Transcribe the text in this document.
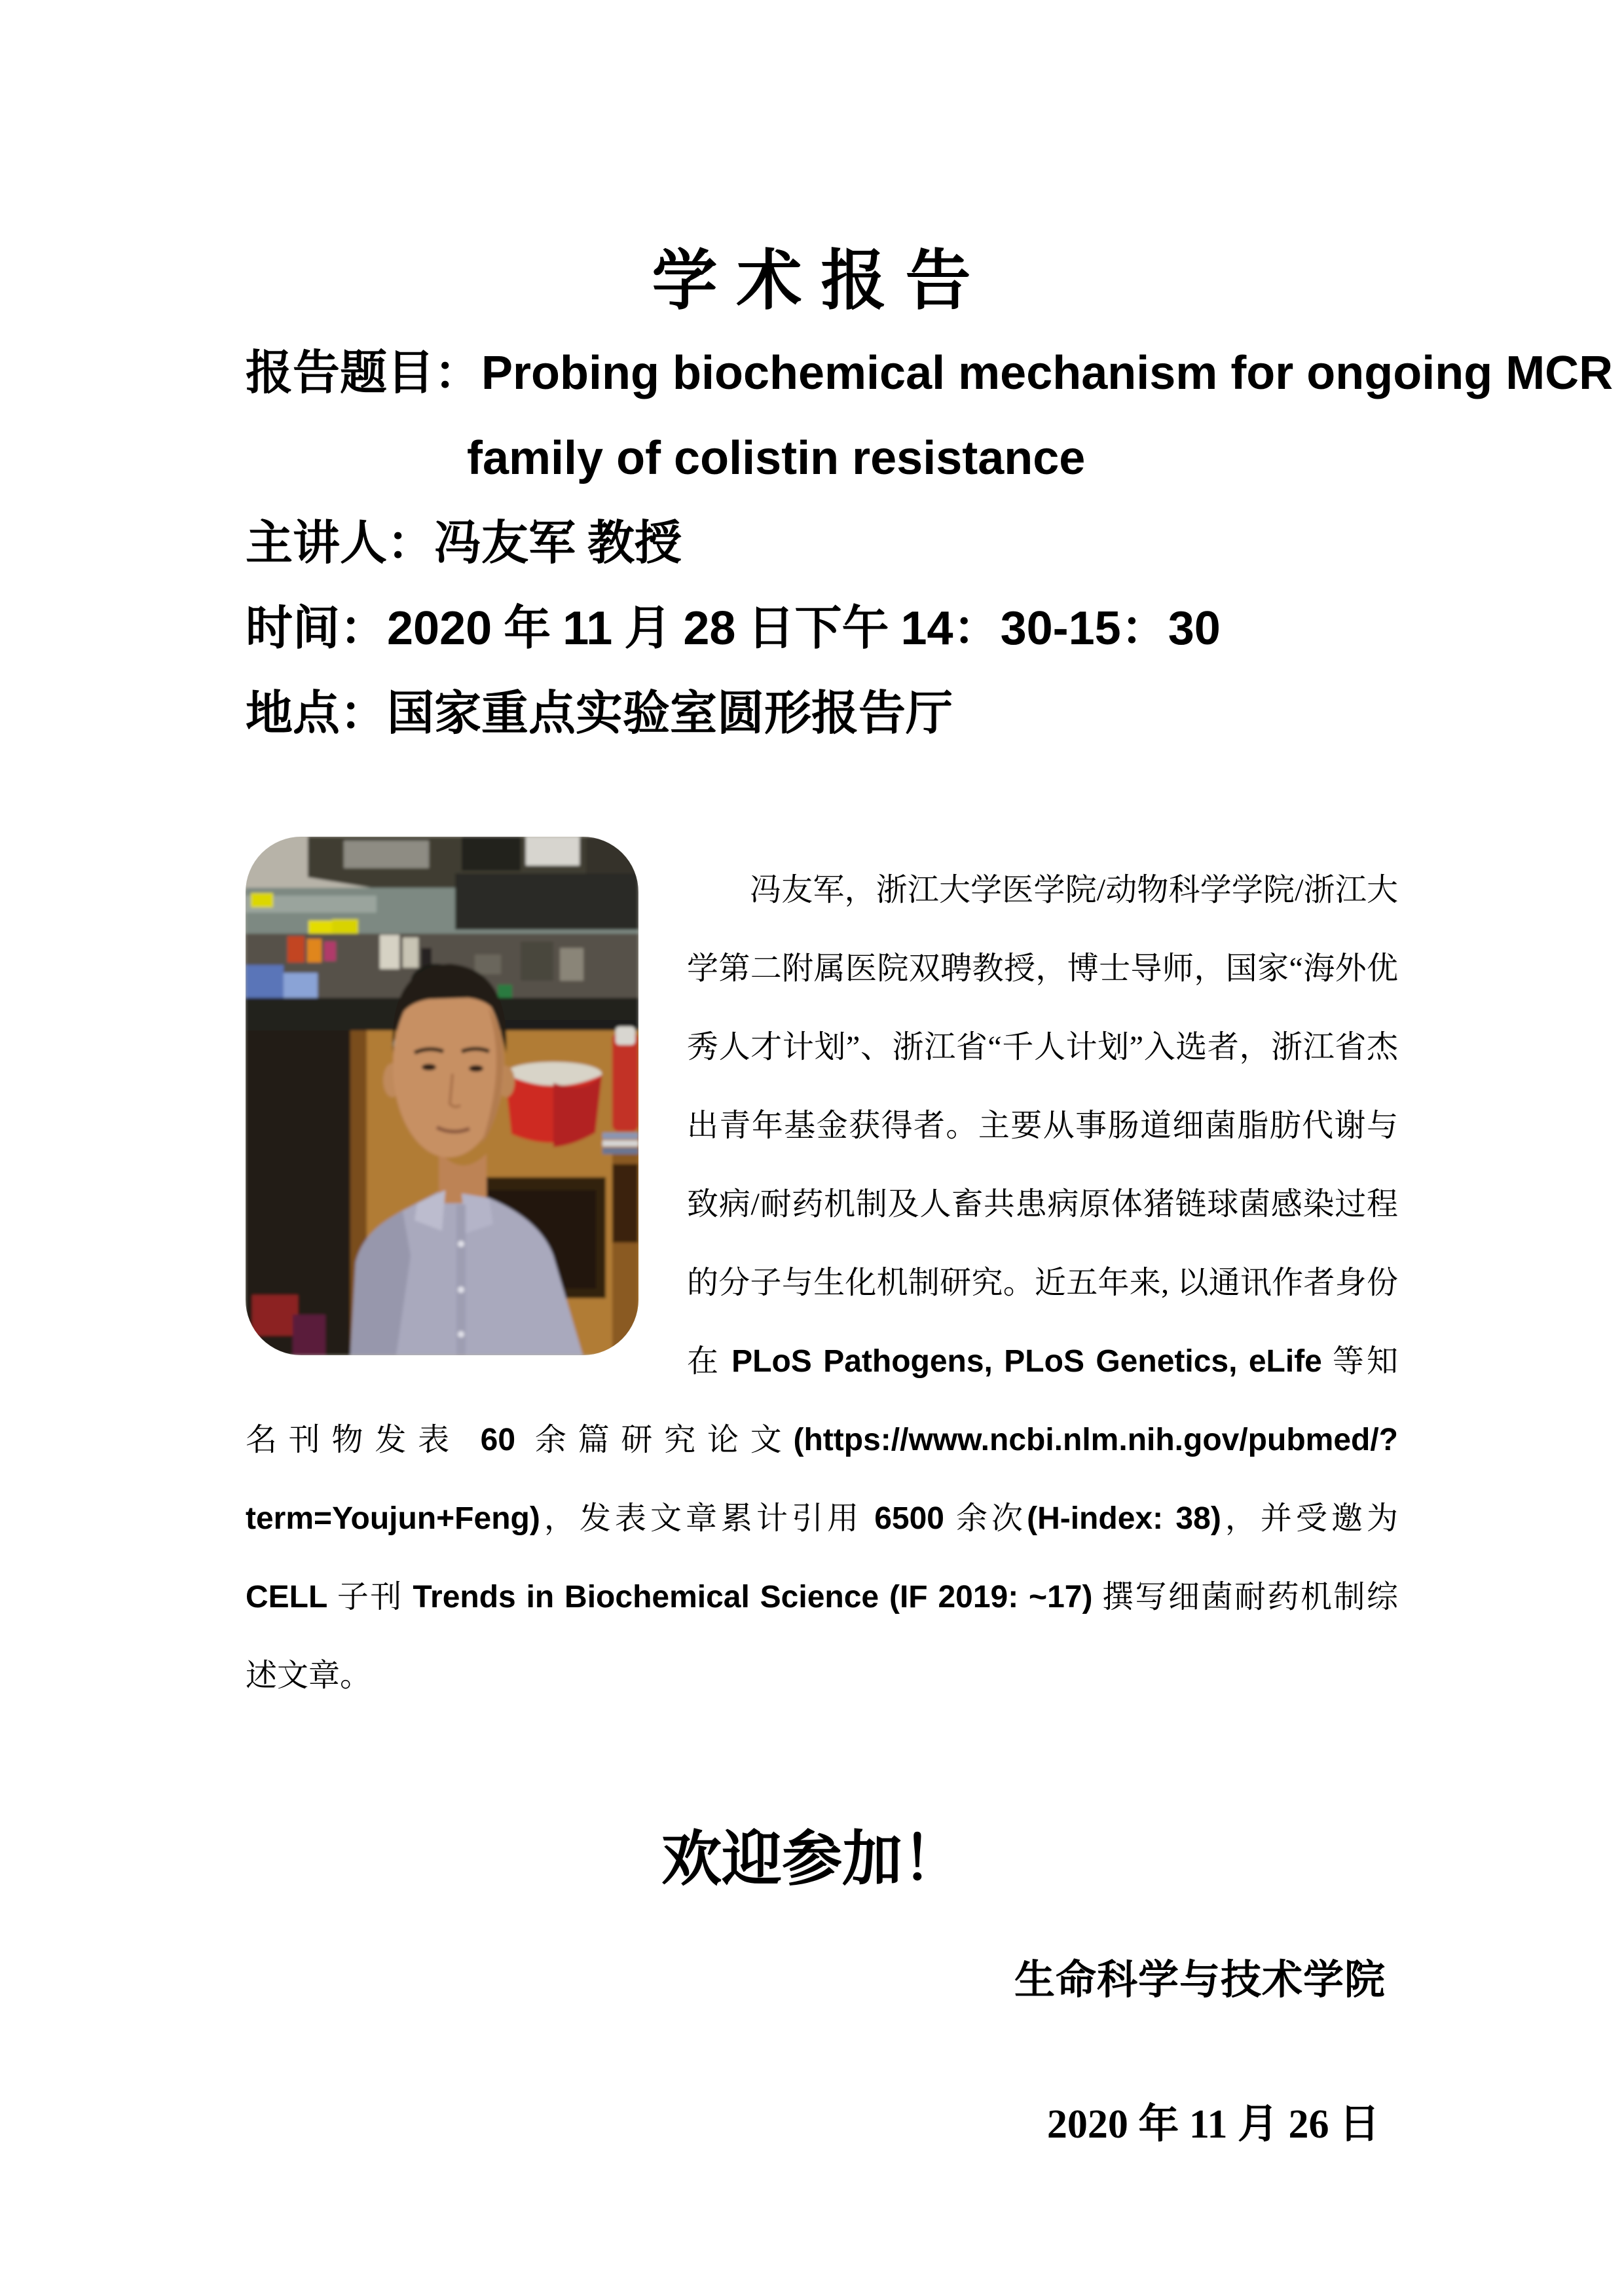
学 术 报 告
报告题目：Probing biochemical mechanism for ongoing MCR
family of colistin resistance
主讲人：冯友军 教授
时间：2020 年 11 月 28 日下午 14：30-15：30
地点：国家重点实验室圆形报告厅

冯友军，浙江大学医学院/动物科学学院/浙江大学第二附属医院双聘教授，博士导师，国家“海外优秀人才计划”、浙江省“千人计划”入选者，浙江省杰出青年基金获得者。主要从事肠道细菌脂肪代谢与致病/耐药机制及人畜共患病原体猪链球菌感染过程的分子与生化机制研究。近五年来, 以通讯作者身份在 PLoS Pathogens, PLoS Genetics, eLife 等知名刊物发表 60 余篇研究论文(https://www.ncbi.nlm.nih.gov/pubmed/?term=Youjun+Feng)，发表文章累计引用 6500 余次(H-index: 38)，并受邀为 CELL 子刊 Trends in Biochemical Science (IF 2019: ~17) 撰写细菌耐药机制综述文章。

欢迎参加！
生命科学与技术学院
2020 年 11 月 26 日
